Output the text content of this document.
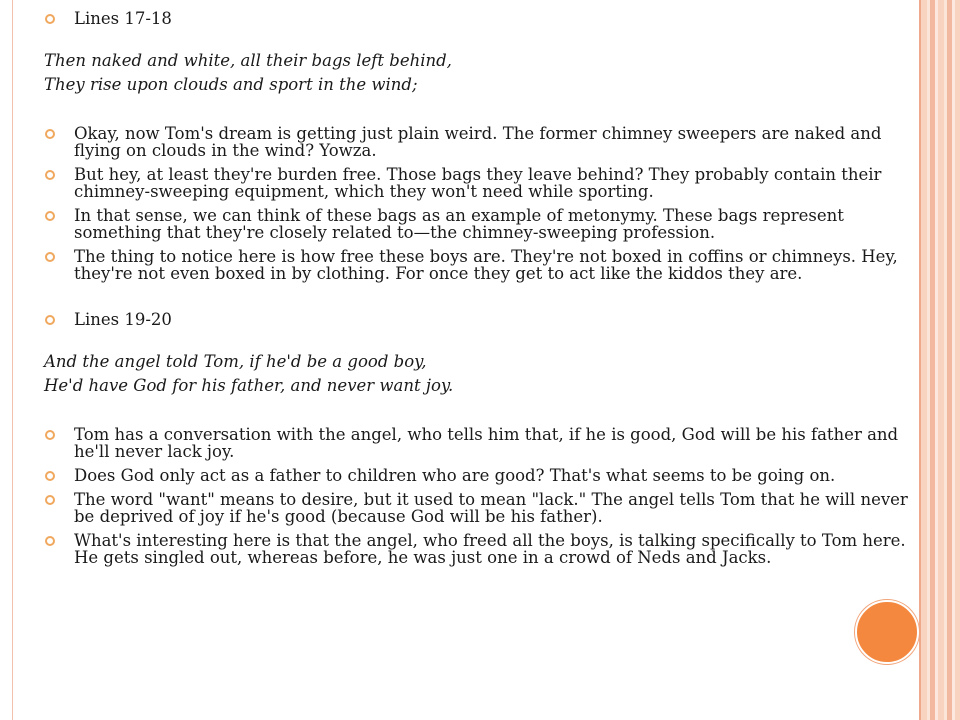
Lines 17-18

Then naked and white, all their bags left behind,

They rise upon clouds and sport in the wind;

Okay, now Tom's dream is getting just plain weird. The former chimney sweepers are naked and flying on clouds in the wind? Yowza.
But hey, at least they're burden free. Those bags they leave behind? They probably contain their chimney-sweeping equipment, which they won't need while sporting.
In that sense, we can think of these bags as an example of metonymy. These bags represent something that they're closely related to—the chimney-sweeping profession.
The thing to notice here is how free these boys are. They're not boxed in coffins or chimneys. Hey, they're not even boxed in by clothing. For once they get to act like the kiddos they are.
Lines 19-20

And the angel told Tom, if he'd be a good boy,

He'd have God for his father, and never want joy.

Tom has a conversation with the angel, who tells him that, if he is good, God will be his father and he'll never lack joy.
Does God only act as a father to children who are good? That's what seems to be going on.
The word "want" means to desire, but it used to mean "lack." The angel tells Tom that he will never be deprived of joy if he's good (because God will be his father).
What's interesting here is that the angel, who freed all the boys, is talking specifically to Tom here. He gets singled out, whereas before, he was just one in a crowd of Neds and Jacks.
